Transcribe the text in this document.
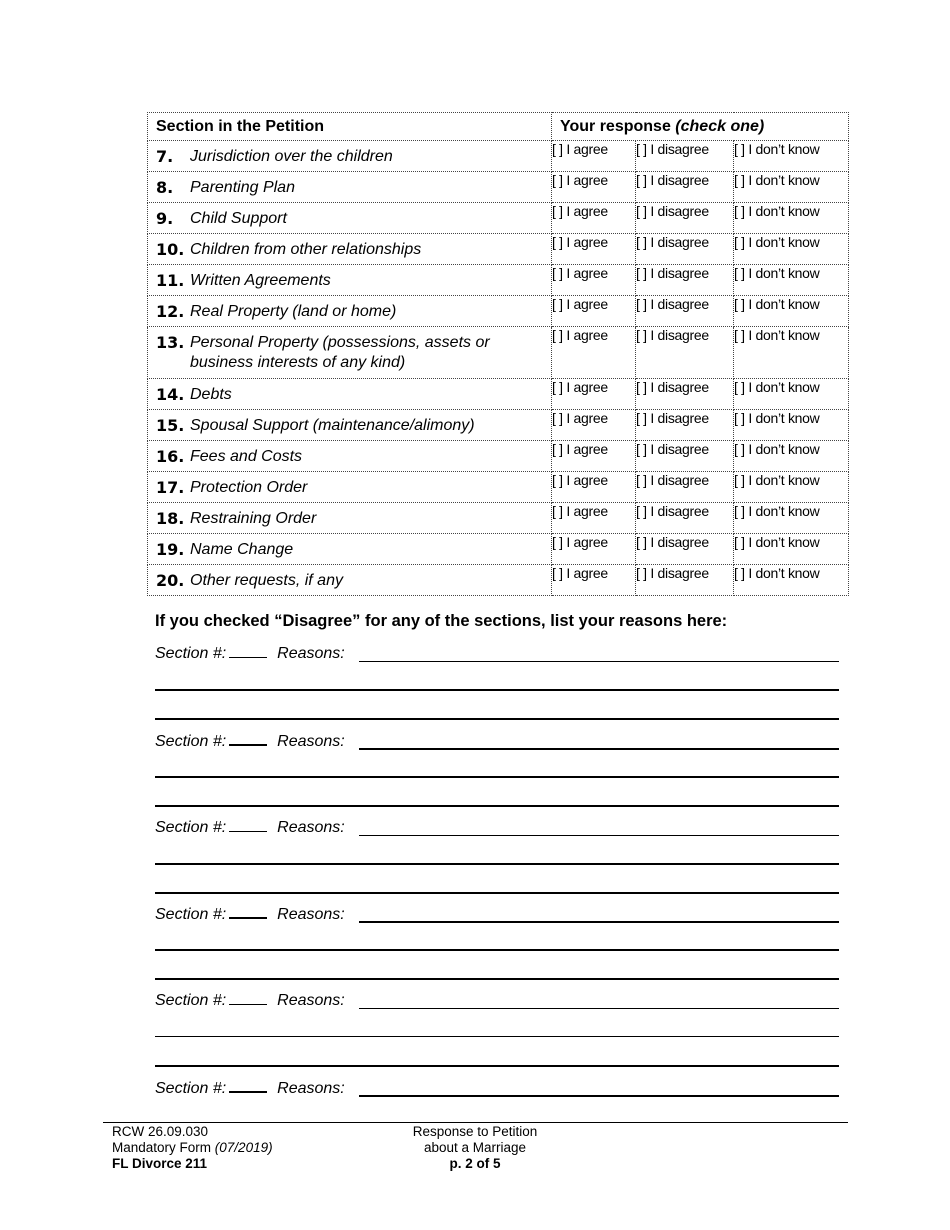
Section in the Petition	Your response (check one)		

7. Jurisdiction over the children	[ ] I agree	[ ] I disagree	[ ] I don’t know

8. Parenting Plan	[ ] I agree	[ ] I disagree	[ ] I don’t know

9. Child Support	[ ] I agree	[ ] I disagree	[ ] I don’t know

10. Children from other relationships	[ ] I agree	[ ] I disagree	[ ] I don’t know

11. Written Agreements	[ ] I agree	[ ] I disagree	[ ] I don’t know

12. Real Property (land or home)	[ ] I agree	[ ] I disagree	[ ] I don’t know

13. Personal Property (possessions, assets or business interests of any kind)	[ ] I agree	[ ] I disagree	[ ] I don’t know

14. Debts	[ ] I agree	[ ] I disagree	[ ] I don’t know

15. Spousal Support (maintenance/alimony)	[ ] I agree	[ ] I disagree	[ ] I don’t know

16. Fees and Costs	[ ] I agree	[ ] I disagree	[ ] I don’t know

17. Protection Order	[ ] I agree	[ ] I disagree	[ ] I don’t know

18. Restraining Order	[ ] I agree	[ ] I disagree	[ ] I don’t know

19. Name Change	[ ] I agree	[ ] I disagree	[ ] I don’t know

20. Other requests, if any	[ ] I agree	[ ] I disagree	[ ] I don’t know
If you checked “Disagree” for any of the sections, list your reasons here:
Section #:	Reasons:
Section #:	Reasons:
Section #:	Reasons:
Section #:	Reasons:
Section #:	Reasons:
Section #:	Reasons:
RCW 26.09.030
Mandatory Form (07/2019)
FL Divorce 211
Response to Petition
about a Marriage
p. 2 of 5
